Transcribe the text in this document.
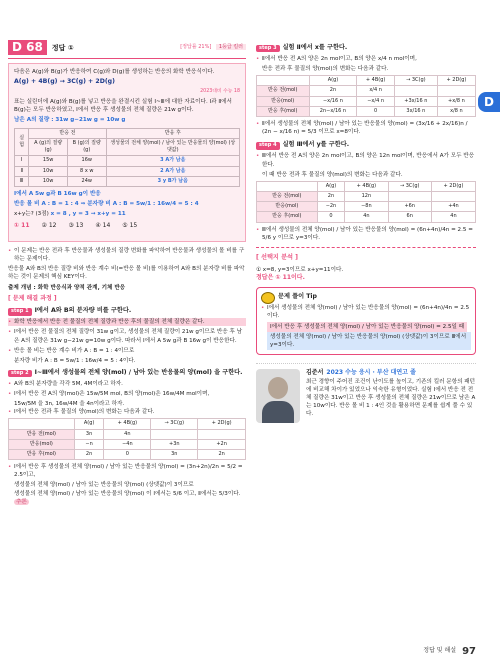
D 68	정답 ①	[정답률 21%] 1등급 킬러

다음은 A(g)와 B(g)가 반응하여 C(g)와 D(g)를 생성하는 반응의 화학 반응식이다.

A(g) + 4B(g) → 3C(g) + 2D(g)

2023대비 수능 18

표는 실린더에 A(g)와 B(g)를 넣고 반응을 완결시킨 실험 Ⅰ~Ⅲ에 대한 자료이다. Ⅰ과 Ⅱ에서 B(g)는 모두 반응하였고, Ⅰ에서 반응 후 생성물의 전체 질량은 21w g이다.

남은 A의 질량 : 31w g−21w g = 10w g

실험	반응 전		반응 후
	A (g)의 질량(g)	B (g)의 질량(g)	생성물의 전체 양(mol) / 남아 있는 반응물의 양(mol) (상댓값)
Ⅰ	15w	16w	3 A가 남음
Ⅱ	10w	8 x w	2 A가 남음
Ⅲ	10w	24w	3 y B가 남음

Ⅰ에서 A 5w g과 B 16w g이 반응

반응 몰 비 A : B = 1 : 4 ⇒ 분자량 비 A : B = 5w/1 : 16w/4 = 5 : 4

x+y는? (3점) x = 8 , y = 3 → x+y = 11

① 11 ② 12 ③ 13 ④ 14 ⑤ 15

• 이 문제는 반응 전과 후 반응물과 생성물의 질량 변화를 파악하여 반응물과 생성물의 몰 비를 구하는 문제이다.

반응물 A와 B의 반응 질량 비와 반응 계수 비(=반응 몰 비)를 이용하여 A와 B의 분자량 비를 파악하는 것이 문제의 핵심 KEY이다.

출제 개념 : 화학 반응식과 양적 관계, 기체 반응

[ 문제 해결 과정 ]

step 1 Ⅰ에서 A와 B의 분자량 비를 구한다.

• 화학 반응에서 반응 전 물질의 전체 질량과 반응 후의 물질의 전체 질량은 같다.

• Ⅰ에서 반응 전 물질의 전체 질량이 31w g이고, 생성물의 전체 질량이 21w g이므로 반응 후 남은 A의 질량은 31w g−21w g=10w g이다. 따라서 Ⅰ에서 A 5w g과 B 16w g이 반응한다.

• 반응 몰 비는 반응 계수 비가 A : B = 1 : 4이므로

분자량 비가 A : B = 5w/1 : 16w/4 = 5 : 4이다.

step 2 Ⅰ~Ⅲ에서 생성물의 전체 양(mol) / 남아 있는 반응물의 양(mol) 을 구한다.

• A와 B의 분자량을 각각 5M, 4M이라고 하자.

• Ⅰ에서 반응 전 A의 양(mol)은 15w/5M mol, B의 양(mol)은 16w/4M mol이며,

15w/5M 을 3n, 16w/4M 을 4n이라고 하자.

• Ⅰ에서 반응 전과 후 물질의 양(mol)의 변화는 다음과 같다.

	A(g)	+ 4B(g)	→ 3C(g)	+ 2D(g)
반응 전(mol)	3n	4n		
반응(mol)	−n	−4n	+3n	+2n
반응 후(mol)	2n	0	3n	2n

• Ⅰ에서 반응 후 생성물의 전체 양(mol) / 남아 있는 반응물의 양(mol) = (3n+2n)/2n = 5/2 = 2.5이고,

생성물의 전체 양(mol) / 남아 있는 반응물의 양(mol) (상댓값)이 3이므로

생성물의 전체 양(mol) / 남아 있는 반응물의 양(mol) 이 Ⅰ에서는 5/6 이고, Ⅱ에서는 5/3이다. 추론

step 3 실험 Ⅱ에서 x를 구한다.

• Ⅱ에서 반응 전 A의 양은 2n mol이고, B의 양은 x/4 n mol이며,

반응 전과 후 물질의 양(mol)의 변화는 다음과 같다.

	A(g)	+ 4B(g)	→ 3C(g)	+ 2D(g)
반응 전(mol)	2n	x/4 n		
반응(mol)	−x/16 n	−x/4 n	+3x/16 n	+x/8 n
반응 후(mol)	2n−x/16 n	0	3x/16 n	x/8 n

• Ⅱ에서 생성물의 전체 양(mol) / 남아 있는 반응물의 양(mol) = (3x/16 + 2x/16)n / (2n − x/16 n) = 5/3 이므로 x=8이다.

step 4 실험 Ⅲ에서 y를 구한다.

• Ⅲ에서 반응 전 A의 양은 2n mol이고, B의 양은 12n mol이며, 반응에서 A가 모두 반응한다.

이 때 반응 전과 후 물질의 양(mol)의 변화는 다음과 같다.

	A(g)	+ 4B(g)	→ 3C(g)	+ 2D(g)
반응 전(mol)	2n	12n		
반응(mol)	−2n	−8n	+6n	+4n
반응 후(mol)	0	4n	6n	4n

• Ⅲ에서 생성물의 전체 양(mol) / 남아 있는 반응물의 양(mol) = (6n+4n)/4n = 2.5 = 5/6 y 이므로 y=3이다.

[ 선택지 분석 ]

① x=8, y=3이므로 x+y=11이다.

정답은 ① 11이다.

문제 풀이 Tip

• Ⅰ에서 생성물의 전체 양(mol) / 남아 있는 반응물의 양(mol) = (6n+4n)/4n = 2.5이다.

Ⅰ에서 반응 후 생성물의 전체 양(mol) / 남아 있는 반응물의 양(mol) = 2.5일 때

생성물의 전체 양(mol) / 남아 있는 반응물의 양(mol) (상댓값)이 3이므로 Ⅲ에서 y=3이다.

김준서 2023 수능 응시 · 부산 대연고 졸

최근 경향이 주어진 조건이 난이도를 높이고, 기존의 킬러 문항의 패턴에 비교해 차이가 있었으나 익숙한 유형이었다. 실험 Ⅰ에서 반응 전 전체 질량은 31w이고 반응 후 생성물의 전체 질량은 21w이므로 남은 A는 10w이다. 반응 몰 비 1 : 4인 것을 활용하면 문제를 쉽게 풀 수 있다.

D
정답 및 해설 97
